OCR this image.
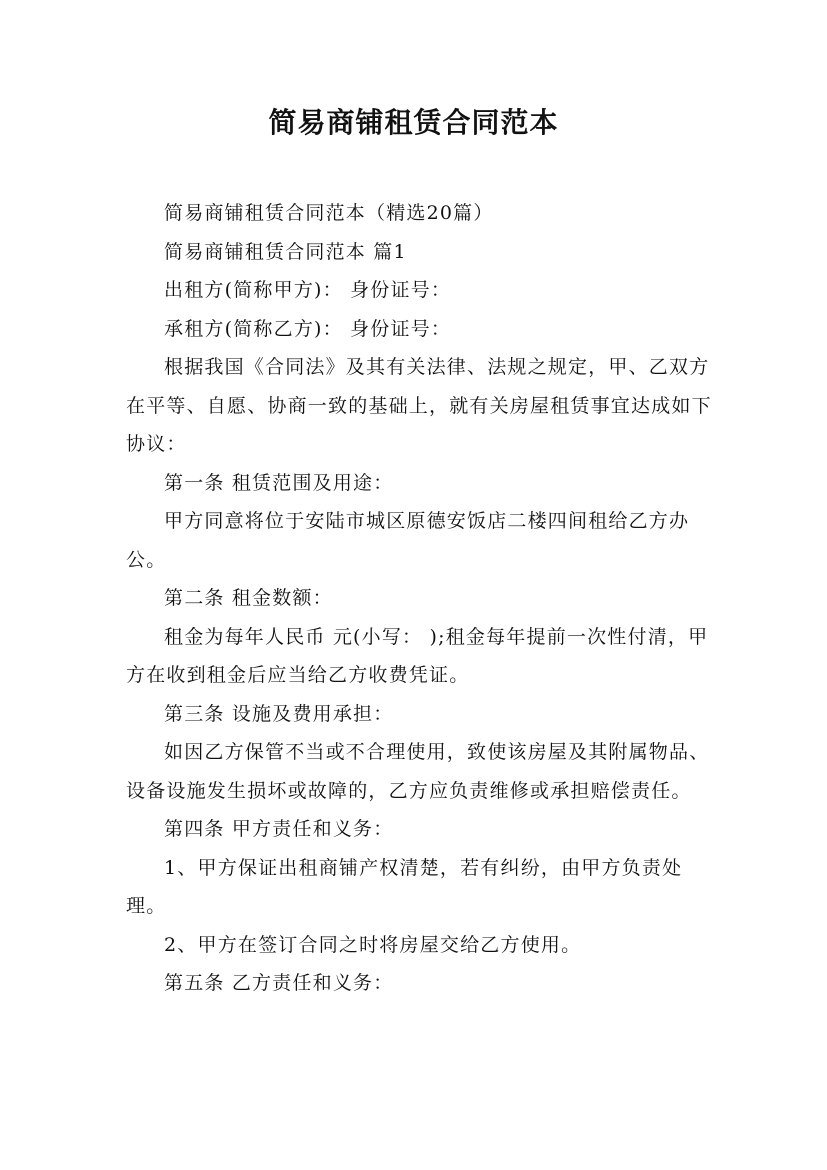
简易商铺租赁合同范本

简易商铺租赁合同范本（精选20篇）

简易商铺租赁合同范本 篇1

出租方(简称甲方)： 身份证号：

承租方(简称乙方)： 身份证号：

根据我国《合同法》及其有关法律、法规之规定，甲、乙双方在平等、自愿、协商一致的基础上，就有关房屋租赁事宜达成如下协议：

第一条 租赁范围及用途：

甲方同意将位于安陆市城区原德安饭店二楼四间租给乙方办公。

第二条 租金数额：

租金为每年人民币 元(小写： );租金每年提前一次性付清，甲方在收到租金后应当给乙方收费凭证。

第三条 设施及费用承担：

如因乙方保管不当或不合理使用，致使该房屋及其附属物品、设备设施发生损坏或故障的，乙方应负责维修或承担赔偿责任。

第四条 甲方责任和义务：

1、甲方保证出租商铺产权清楚，若有纠纷，由甲方负责处理。

2、甲方在签订合同之时将房屋交给乙方使用。

第五条 乙方责任和义务：
